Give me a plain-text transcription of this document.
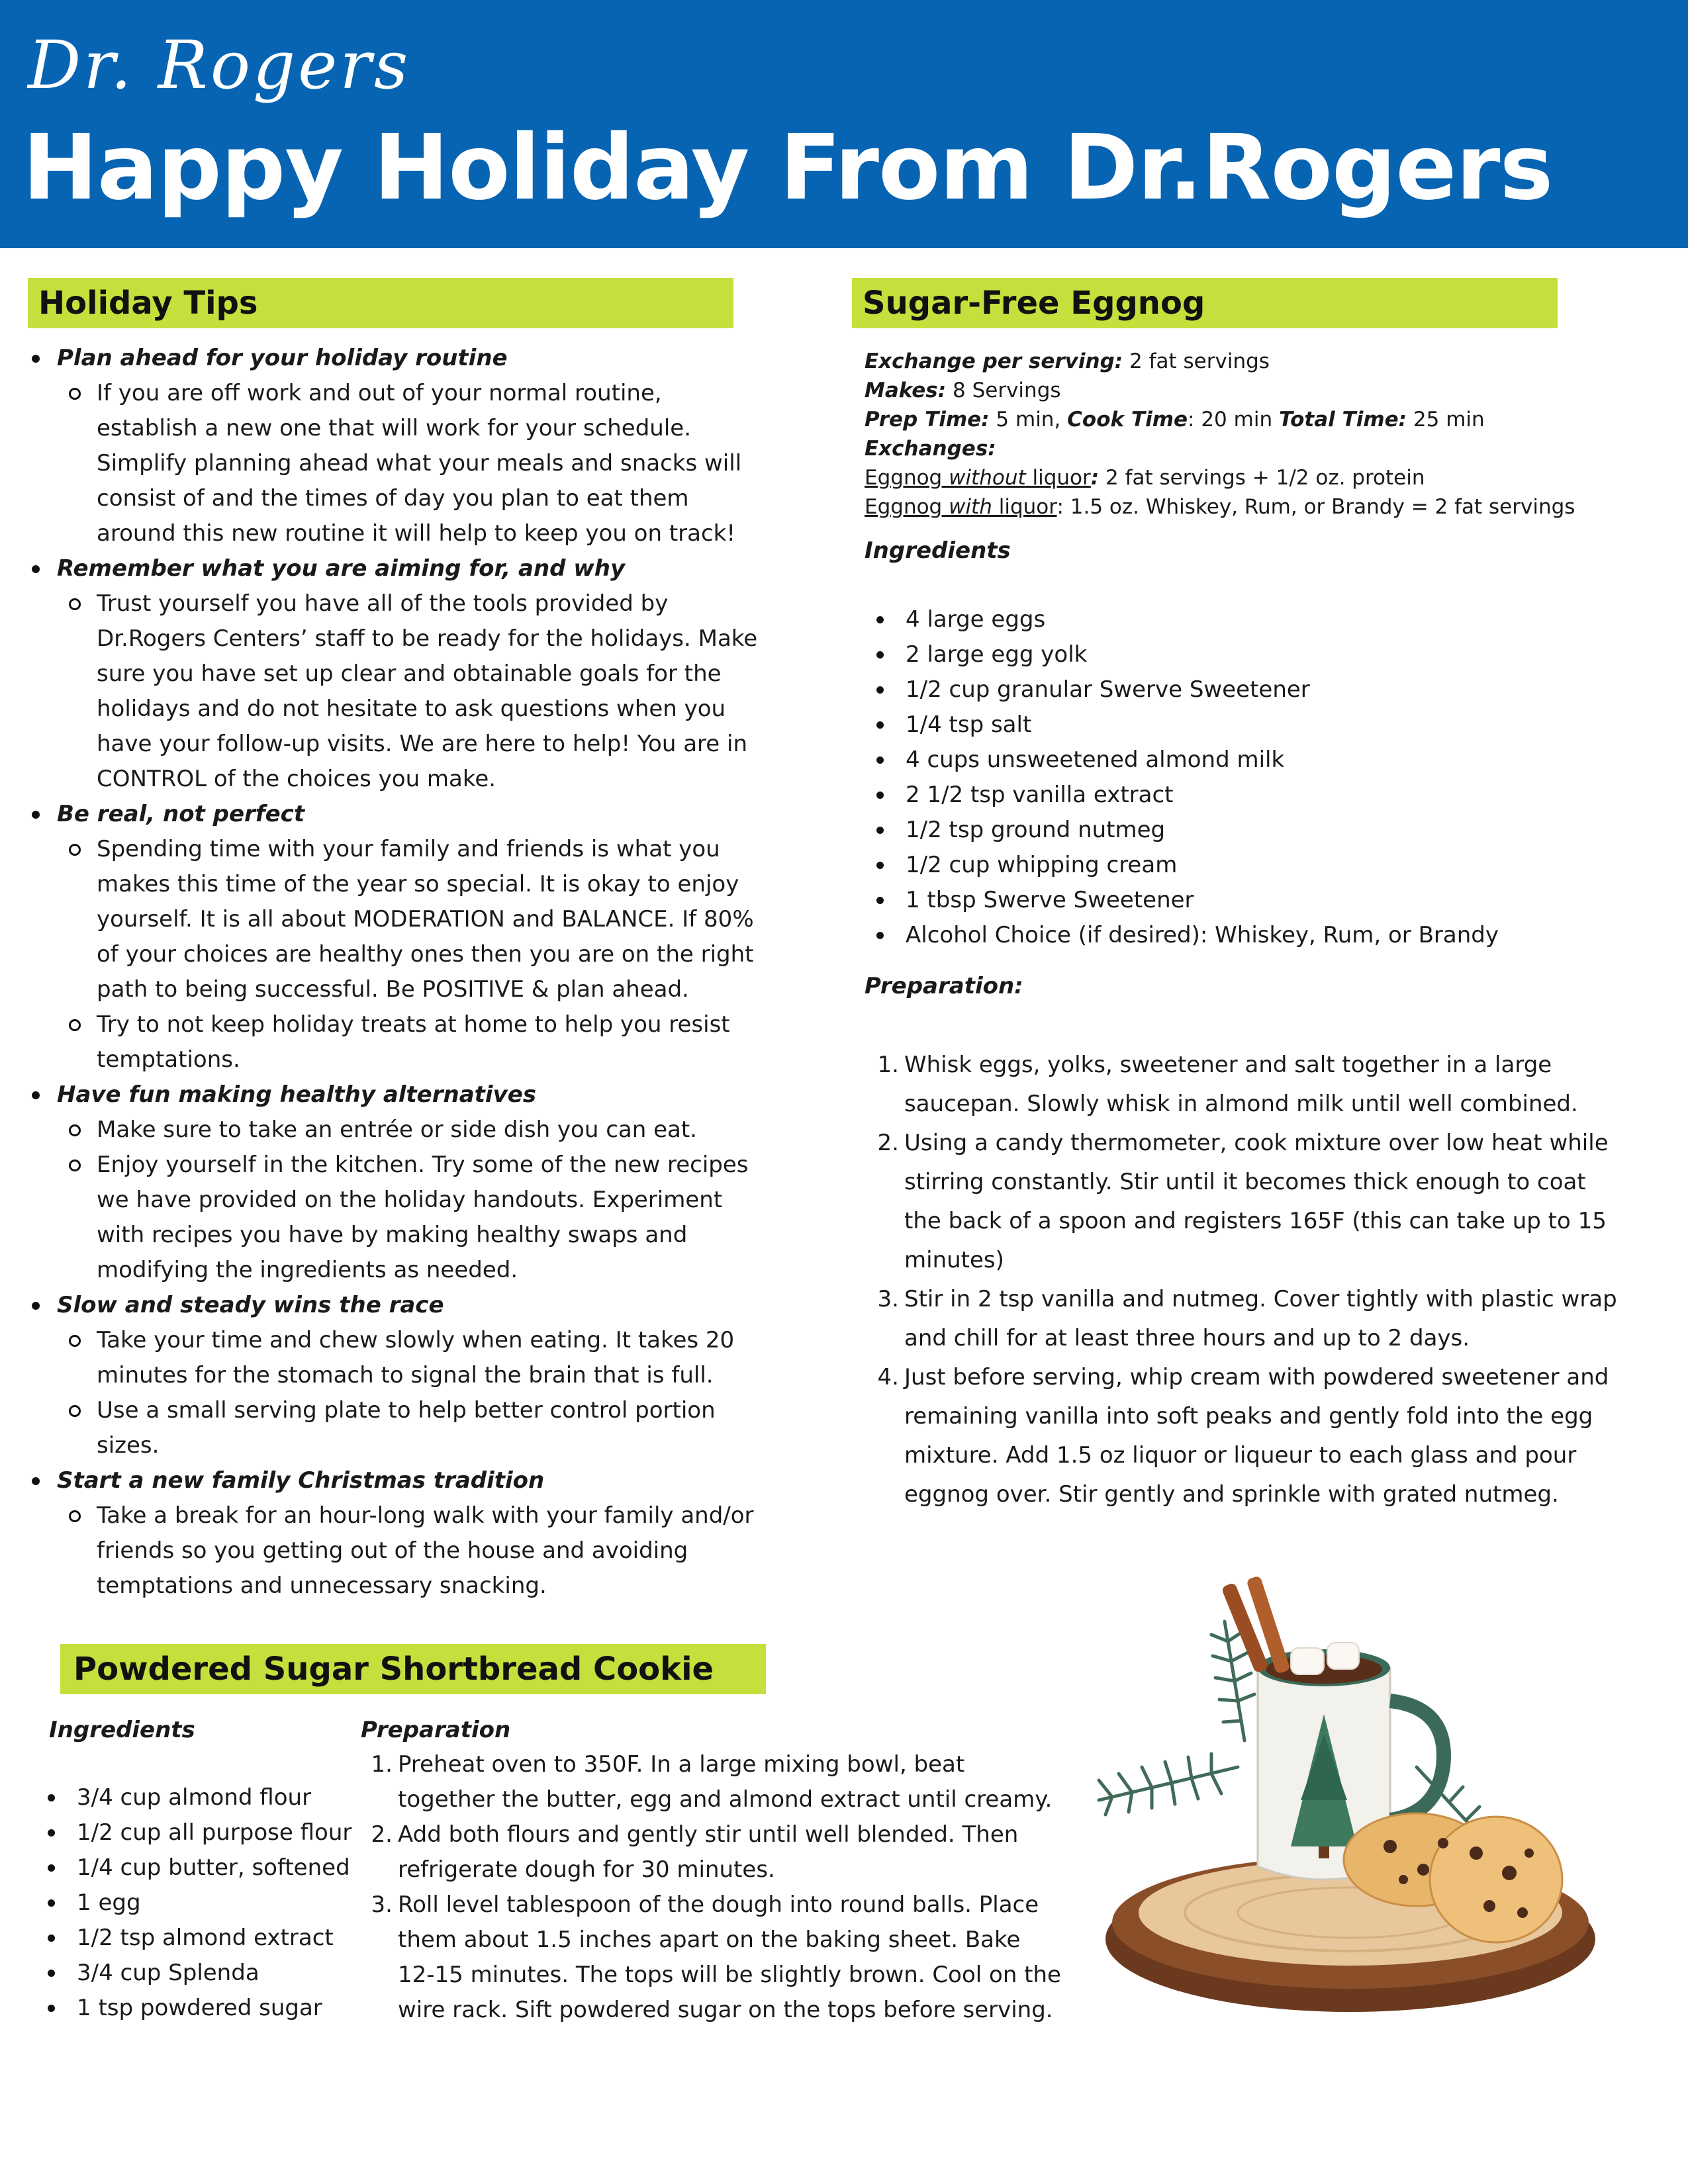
Dr. Rogers
Happy Holiday From Dr.Rogers
Holiday Tips
Plan ahead for your holiday routine
If you are off work and out of your normal routine, establish a new one that will work for your schedule. Simplify planning ahead what your meals and snacks will consist of and the times of day you plan to eat them around this new routine it will help to keep you on track!
Remember what you are aiming for, and why
Trust yourself you have all of the tools provided by Dr.Rogers Centers’ staff to be ready for the holidays. Make sure you have set up clear and obtainable goals for the holidays and do not hesitate to ask questions when you have your follow-up visits. We are here to help! You are in CONTROL of the choices you make.
Be real, not perfect
Spending time with your family and friends is what you makes this time of the year so special. It is okay to enjoy yourself. It is all about MODERATION and BALANCE. If 80% of your choices are healthy ones then you are on the right path to being successful. Be POSITIVE & plan ahead.
Try to not keep holiday treats at home to help you resist temptations.
Have fun making healthy alternatives
Make sure to take an entrée or side dish you can eat.
Enjoy yourself in the kitchen. Try some of the new recipes we have provided on the holiday handouts. Experiment with recipes you have by making healthy swaps and modifying the ingredients as needed.
Slow and steady wins the race
Take your time and chew slowly when eating. It takes 20 minutes for the stomach to signal the brain that is full.
Use a small serving plate to help better control portion sizes.
Start a new family Christmas tradition
Take a break for an hour-long walk with your family and/or friends so you getting out of the house and avoiding temptations and unnecessary snacking.
Sugar-Free Eggnog
Exchange per serving: 2 fat servings
Makes: 8 Servings
Prep Time: 5 min, Cook Time: 20 min Total Time: 25 min
Exchanges:
Eggnog without liquor: 2 fat servings + 1/2 oz. protein
Eggnog with liquor: 1.5 oz. Whiskey, Rum, or Brandy = 2 fat servings
Ingredients
4 large eggs
2 large egg yolk
1/2 cup granular Swerve Sweetener
1/4 tsp salt
4 cups unsweetened almond milk
2 1/2 tsp vanilla extract
1/2 tsp ground nutmeg
1/2 cup whipping cream
1 tbsp Swerve Sweetener
Alcohol Choice (if desired): Whiskey, Rum, or Brandy
Preparation:
1. Whisk eggs, yolks, sweetener and salt together in a large saucepan. Slowly whisk in almond milk until well combined.
2. Using a candy thermometer, cook mixture over low heat while stirring constantly. Stir until it becomes thick enough to coat the back of a spoon and registers 165F (this can take up to 15 minutes)
3. Stir in 2 tsp vanilla and nutmeg. Cover tightly with plastic wrap and chill for at least three hours and up to 2 days.
4. Just before serving, whip cream with powdered sweetener and remaining vanilla into soft peaks and gently fold into the egg mixture. Add 1.5 oz liquor or liqueur to each glass and pour eggnog over. Stir gently and sprinkle with grated nutmeg.
Powdered Sugar Shortbread Cookie
Ingredients	Preparation
3/4 cup almond flour
1/2 cup all purpose flour
1/4 cup butter, softened
1 egg
1/2 tsp almond extract
3/4 cup Splenda
1 tsp powdered sugar
1. Preheat oven to 350F. In a large mixing bowl, beat together the butter, egg and almond extract until creamy.
2. Add both flours and gently stir until well blended. Then refrigerate dough for 30 minutes.
3. Roll level tablespoon of the dough into round balls. Place them about 1.5 inches apart on the baking sheet. Bake 12-15 minutes. The tops will be slightly brown. Cool on the wire rack. Sift powdered sugar on the tops before serving.
